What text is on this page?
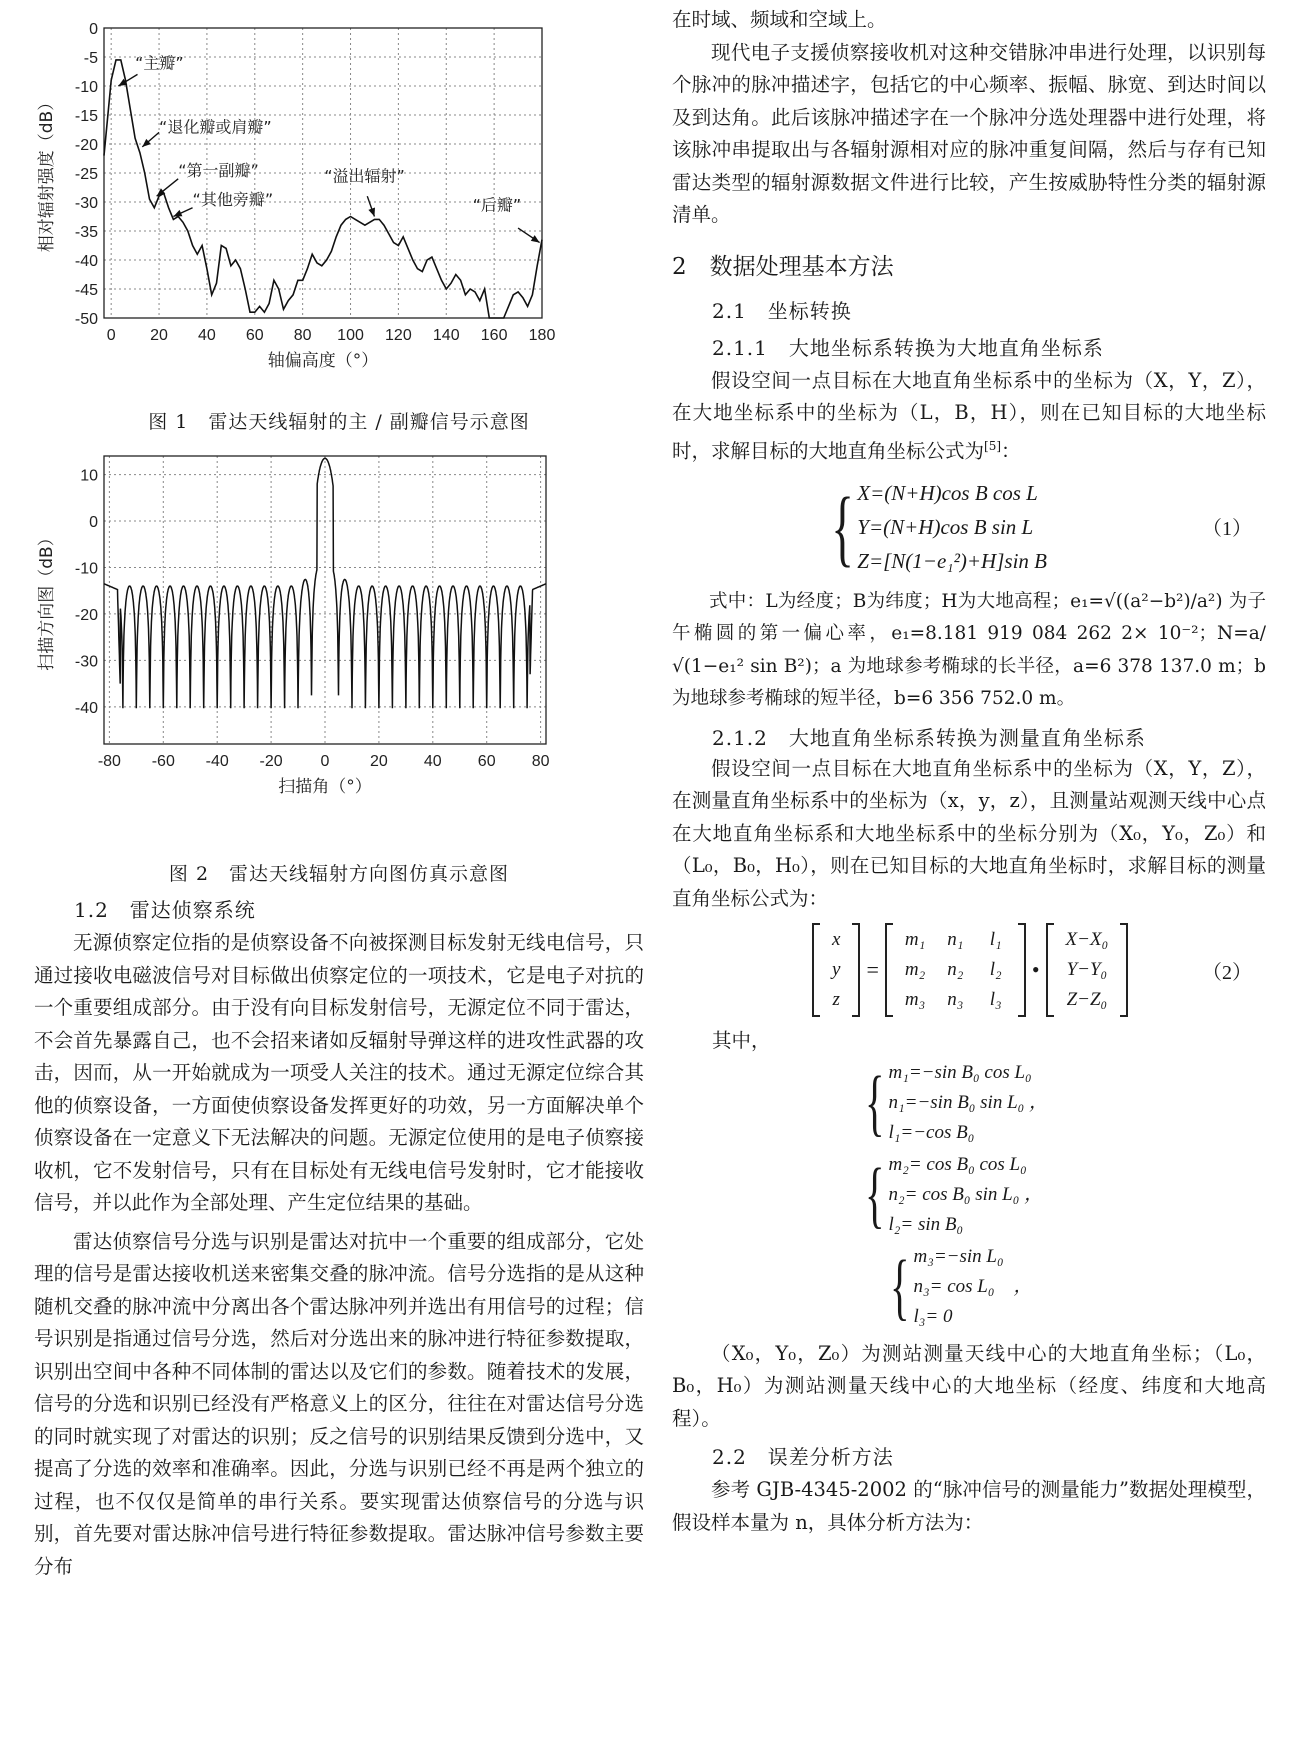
0 20 40 60 80 100 120 140 160 180
0
-5
-10
-15
-20
-25
-30
-35
-40
-45
-50
轴偏高度（°）
相对辐射强度（dB）
“主瓣”
“退化瓣或肩瓣”
“第一副瓣”
“其他旁瓣”
“溢出辐射”
“后瓣”
图 1　雷达天线辐射的主 / 副瓣信号示意图
-80 -60 -40 -20 0	20 40 60 80
10
0
-10
-20
-30
-40
扫描角（°）
扫描方向图（dB）
图 2　雷达天线辐射方向图仿真示意图
1.2　雷达侦察系统

无源侦察定位指的是侦察设备不向被探测目标发射无线电信号，只通过接收电磁波信号对目标做出侦察定位的一项技术，它是电子对抗的一个重要组成部分。由于没有向目标发射信号，无源定位不同于雷达，不会首先暴露自己，也不会招来诸如反辐射导弹这样的进攻性武器的攻击，因而，从一开始就成为一项受人关注的技术。通过无源定位综合其他的侦察设备，一方面使侦察设备发挥更好的功效，另一方面解决单个侦察设备在一定意义下无法解决的问题。无源定位使用的是电子侦察接收机，它不发射信号，只有在目标处有无线电信号发射时，它才能接收信号，并以此作为全部处理、产生定位结果的基础。

雷达侦察信号分选与识别是雷达对抗中一个重要的组成部分，它处理的信号是雷达接收机送来密集交叠的脉冲流。信号分选指的是从这种随机交叠的脉冲流中分离出各个雷达脉冲列并选出有用信号的过程；信号识别是指通过信号分选，然后对分选出来的脉冲进行特征参数提取，识别出空间中各种不同体制的雷达以及它们的参数。随着技术的发展，信号的分选和识别已经没有严格意义上的区分，往往在对雷达信号分选的同时就实现了对雷达的识别；反之信号的识别结果反馈到分选中，又提高了分选的效率和准确率。因此，分选与识别已经不再是两个独立的过程，也不仅仅是简单的串行关系。要实现雷达侦察信号的分选与识别，首先要对雷达脉冲信号进行特征参数提取。雷达脉冲信号参数主要分布

在时域、频域和空域上。

现代电子支援侦察接收机对这种交错脉冲串进行处理，以识别每个脉冲的脉冲描述字，包括它的中心频率、振幅、脉宽、到达时间以及到达角。此后该脉冲描述字在一个脉冲分选处理器中进行处理，将该脉冲串提取出与各辐射源相对应的脉冲重复间隔，然后与存有已知雷达类型的辐射源数据文件进行比较，产生按威胁特性分类的辐射源清单。

2　数据处理基本方法
2.1　坐标转换
2.1.1　大地坐标系转换为大地直角坐标系

假设空间一点目标在大地直角坐标系中的坐标为（X，Y，Z），在大地坐标系中的坐标为（L，B，H），则在已知目标的大地坐标时，求解目标的大地直角坐标公式为[5]：

{ X=(N+H)cos B cos L
Y=(N+H)cos B sin L
Z=[N(1−e₁²)+H]sin B
（1）

式中：L为经度；B为纬度；H为大地高程；e₁=√((a²−b²)/a²) 为子午椭圆的第一偏心率，e₁=8.181 919 084 262 2× 10⁻²；N=a/√(1−e₁² sin B²)；a 为地球参考椭球的长半径，a=6 378 137.0 m；b 为地球参考椭球的短半径，b=6 356 752.0 m。

2.1.2　大地直角坐标系转换为测量直角坐标系

假设空间一点目标在大地直角坐标系中的坐标为（X，Y，Z），在测量直角坐标系中的坐标为（x，y，z），且测量站观测天线中心点在大地直角坐标系和大地坐标系中的坐标分别为（X₀，Y₀，Z₀）和（L₀，B₀，H₀），则在已知目标的大地直角坐标时，求解目标的测量直角坐标公式为：

x
y
z
=
m₁	n₁	l₁
m₂	n₂	l₂
m₃	n₃	l₃
•
X−X₀
Y−Y₀
Z−Z₀
（2）

其中，

{ m₁=−sin B₀ cos L₀
n₁=−sin B₀ sin L₀ ，
l₁=−cos B₀
{ m₂= cos B₀ cos L₀
n₂= cos B₀ sin L₀ ，
l₂= sin B₀
{ m₃=−sin L₀
n₃= cos L₀　，
l₃= 0

（X₀，Y₀，Z₀）为测站测量天线中心的大地直角坐标；（L₀，B₀，H₀）为测站测量天线中心的大地坐标（经度、纬度和大地高程）。

2.2　误差分析方法

参考 GJB-4345-2002 的“脉冲信号的测量能力”数据处理模型，假设样本量为 n，具体分析方法为：
